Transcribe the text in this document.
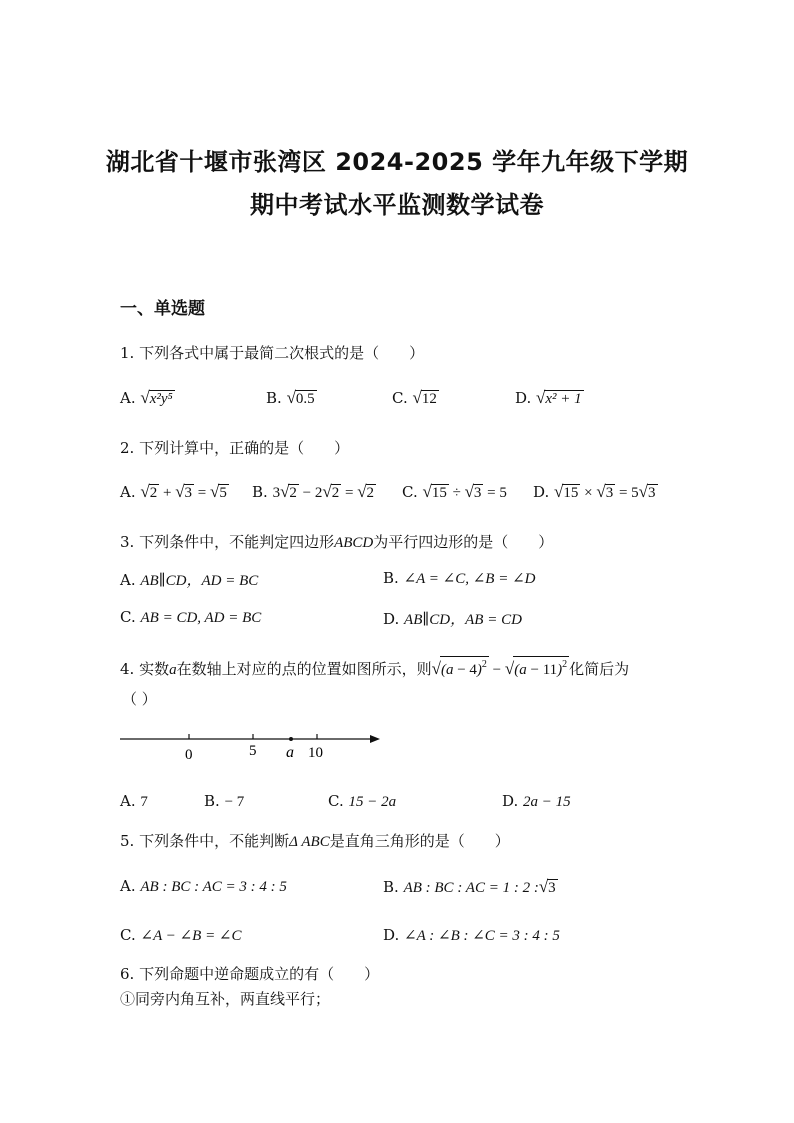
湖北省十堰市张湾区 2024-2025 学年九年级下学期
期中考试水平监测数学试卷
一、单选题
1. 下列各式中属于最简二次根式的是（　　）
A. √x²y⁵	B. √0.5	C. √12	D. √x² + 1
2. 下列计算中，正确的是（　　）
A. √2 + √3 = √5 B. 3√2 − 2√2 = √2 C. √15 ÷ √3 = 5 D. √15 × √3 = 5√3
3. 下列条件中，不能判定四边形ABCD为平行四边形的是（　　）
A. AB∥CD，AD = BC	B. ∠A = ∠C, ∠B = ∠D
C. AB = CD, AD = BC	D. AB∥CD，AB = CD
4. 实数a在数轴上对应的点的位置如图所示，则$√(a - 4)^2 - √(a - 11)^2$ 化简后为
（ ）
0	5 a 10
A. 7	B. − 7	C. 15 − 2a	D. 2a − 15
5. 下列条件中，不能判断Δ ABC是直角三角形的是（　　）
A. AB : BC : AC = 3 : 4 : 5	B. AB : BC : AC = 1 : 2 :√3
C. ∠A − ∠B = ∠C	D. ∠A : ∠B : ∠C = 3 : 4 : 5
6. 下列命题中逆命题成立的有（　　）
①同旁内角互补，两直线平行；
